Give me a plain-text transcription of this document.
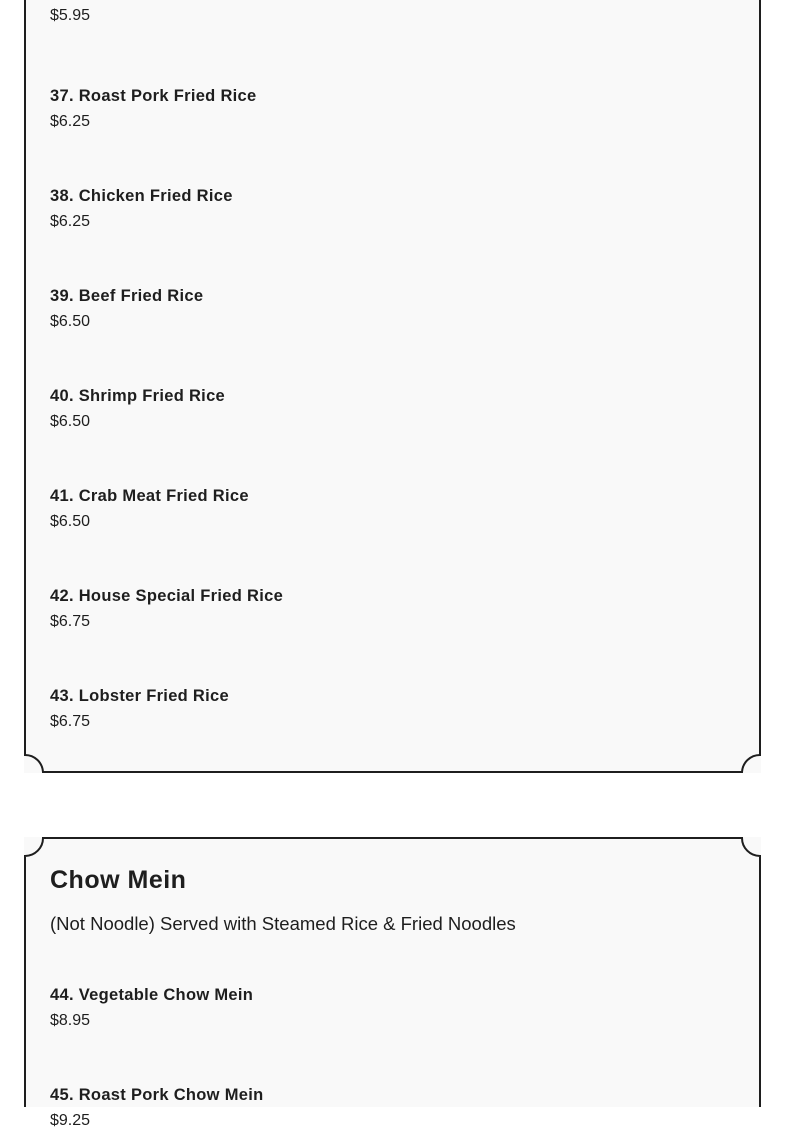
$5.95
37. Roast Pork Fried Rice
$6.25
38. Chicken Fried Rice
$6.25
39. Beef Fried Rice
$6.50
40. Shrimp Fried Rice
$6.50
41. Crab Meat Fried Rice
$6.50
42. House Special Fried Rice
$6.75
43. Lobster Fried Rice
$6.75
Chow Mein
(Not Noodle) Served with Steamed Rice & Fried Noodles
44. Vegetable Chow Mein
$8.95
45. Roast Pork Chow Mein
$9.25
